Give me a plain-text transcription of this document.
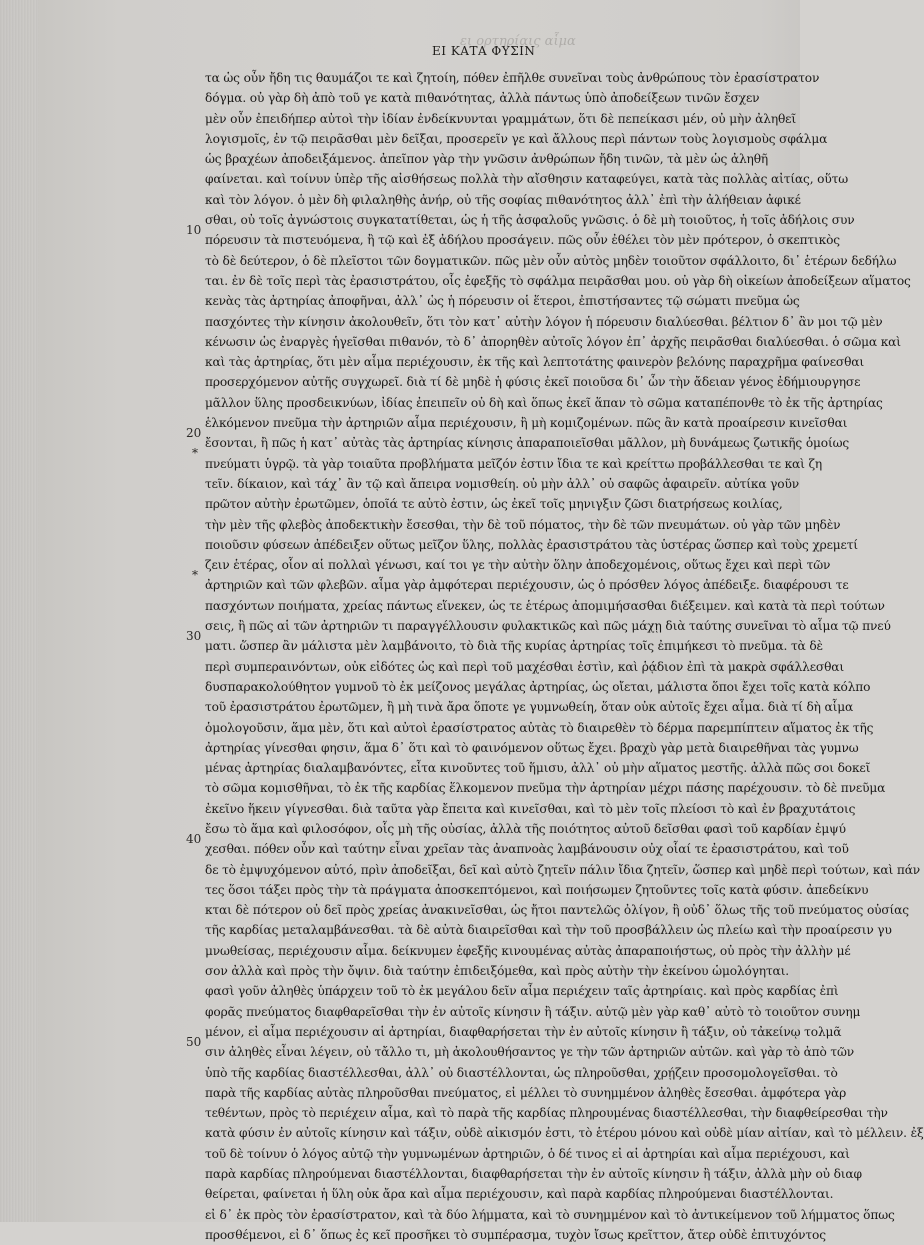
ει ορτηρίαις αἷμα
ΕΙ ΚΑΤΑ ΦΥΣΙΝ
10
20
30
40
50
*
*
τα ὡς οὖν ἤδη τις θαυμάζοι τε καὶ ζητοίη, πόθεν ἐπῆλθε συνεῖναι τοὺς ἀνθρώπους τὸν ἐρασίστρατον
δόγμα. οὐ γὰρ δὴ ἀπὸ τοῦ γε κατὰ πιθανότητας, ἀλλὰ πάντως ὑπὸ ἀποδείξεων τινῶν ἔσχεν
μὲν οὖν ἐπειδήπερ αὐτοὶ τὴν ἰδίαν ἐνδείκνυνται γραμμάτων, ὅτι δὲ πεπείκασι μέν, οὐ μὴν ἀληθεῖ
λογισμοῖς, ἐν τῷ πειρᾶσθαι μὲν δεῖξαι, προσερεῖν γε καὶ ἄλλους περὶ πάντων τοὺς λογισμοὺς σφάλμα
ὡς βραχέων ἀποδειξάμενος. ἀπεῖπον γὰρ τὴν γνῶσιν ἀνθρώπων ἤδη τινῶν, τὰ μὲν ὡς ἀληθῆ
φαίνεται. καὶ τοίνυν ὑπὲρ τῆς αἰσθήσεως πολλὰ τὴν αἴσθησιν καταφεύγει, κατὰ τὰς πολλὰς αἰτίας, οὕτω
καὶ τὸν λόγον. ὁ μὲν δὴ φιλαληθὴς ἀνήρ, οὐ τῆς σοφίας πιθανότητος ἀλλ᾽ ἐπὶ τὴν ἀλήθειαν ἀφικέ
σθαι, οὐ τοῖς ἀγνώστοις συγκατατίθεται, ὡς ἡ τῆς ἀσφαλοῦς γνῶσις. ὁ δὲ μὴ τοιοῦτος, ἡ τοῖς ἀδήλοις συν
πόρευσιν τὰ πιστευόμενα, ἢ τῷ καὶ ἐξ ἀδήλου προσάγειν. πῶς οὖν ἐθέλει τὸν μὲν πρότερον, ὁ σκεπτικὸς
τὸ δὲ δεύτερον, ὁ δὲ πλεῖστοι τῶν δογματικῶν. πῶς μὲν οὖν αὐτὸς μηδὲν τοιοῦτον σφάλλοιτο, δι᾽ ἑτέρων δεδήλω
ται. ἐν δὲ τοῖς περὶ τὰς ἐρασιστράτου, οἷς ἐφεξῆς τὸ σφάλμα πειρᾶσθαι μου. οὐ γὰρ δὴ οἰκείων ἀποδείξεων αἵματος
κενὰς τὰς ἀρτηρίας ἀποφῆναι, ἀλλ᾽ ὡς ἡ πόρευσιν οἱ ἕτεροι, ἐπιστήσαντες τῷ σώματι πνεῦμα ὡς
πασχόντες τὴν κίνησιν ἀκολουθεῖν, ὅτι τὸν κατ᾽ αὐτὴν λόγον ἡ πόρευσιν διαλύεσθαι. βέλτιον δ᾽ ἂν μοι τῷ μὲν
κένωσιν ὡς ἐναργὲς ἡγεῖσθαι πιθανόν, τὸ δ᾽ ἀπορηθὲν αὐτοῖς λόγον ἐπ᾽ ἀρχῆς πειρᾶσθαι διαλύεσθαι. ὁ σῶμα καὶ
καὶ τὰς ἀρτηρίας, ὅτι μὲν αἷμα περιέχουσιν, ἐκ τῆς καὶ λεπτοτάτης φαινερὸν βελόνης παραχρῆμα φαίνεσθαι
προσερχόμενον αὐτῆς συγχωρεῖ. διὰ τί δὲ μηδὲ ἡ φύσις ἐκεῖ ποιοῦσα δι᾽ ὧν τὴν ἄδειαν γένος ἐδήμιουργησε
μᾶλλον ὕλης προσδεικνύων, ἰδίας ἐπειπεῖν οὐ δὴ καὶ ὅπως ἐκεῖ ἅπαν τὸ σῶμα καταπέπονθε τὸ ἐκ τῆς ἀρτηρίας
ἑλκόμενον πνεῦμα τὴν ἀρτηριῶν αἷμα περιέχουσιν, ἢ μὴ κομιζομένων. πῶς ἂν κατὰ προαίρεσιν κινεῖσθαι
ἔσονται, ἢ πῶς ἡ κατ᾽ αὐτὰς τὰς ἀρτηρίας κίνησις ἀπαραποιεῖσθαι μᾶλλον, μὴ δυνάμεως ζωτικῆς ὁμοίως
πνεύματι ὑγρῷ. τὰ γὰρ τοιαῦτα προβλήματα μεῖζόν ἐστιν ἴδια τε καὶ κρείττω προβάλλεσθαι τε καὶ ζη
τεῖν. δίκαιον, καὶ τάχ᾽ ἂν τῷ καὶ ἄπειρα νομισθείη. οὐ μὴν ἀλλ᾽ οὐ σαφῶς ἀφαιρεῖν. αὐτίκα γοῦν
πρῶτον αὐτὴν ἐρωτῶμεν, ὁποῖά τε αὐτὸ ἐστιν, ὡς ἐκεῖ τοῖς μηνιγξιν ζῶσι διατρήσεως κοιλίας,
τὴν μὲν τῆς φλεβὸς ἀποδεκτικὴν ἔσεσθαι, τὴν δὲ τοῦ πόματος, τὴν δὲ τῶν πνευμάτων. οὐ γὰρ τῶν μηδὲν
ποιοῦσιν φύσεων ἀπέδειξεν οὕτως μεῖζον ὕλης, πολλὰς ἐρασιστράτου τὰς ὑστέρας ὥσπερ καὶ τοὺς χρεμετί
ζειν ἑτέρας, οἷον αἱ πολλαὶ γένωσι, καί τοι γε τὴν αὐτὴν ὅλην ἀποδεχομένοις, οὕτως ἔχει καὶ περὶ τῶν
ἀρτηριῶν καὶ τῶν φλεβῶν. αἷμα γὰρ ἀμφότεραι περιέχουσιν, ὡς ὁ πρόσθεν λόγος ἀπέδειξε. διαφέρουσι τε
πασχόντων ποιήματα, χρείας πάντως εἵνεκεν, ὡς τε ἑτέρως ἀπομιμήσασθαι διέξειμεν. καὶ κατὰ τὰ περὶ τούτων
σεις, ἢ πῶς αἱ τῶν ἀρτηριῶν τι παραγγέλλουσιν φυλακτικῶς καὶ πῶς μάχῃ διὰ ταύτης συνεῖναι τὸ αἷμα τῷ πνεύ
ματι. ὥσπερ ἂν μάλιστα μὲν λαμβάνοιτο, τὸ διὰ τῆς κυρίας ἀρτηρίας τοῖς ἐπιμήκεσι τὸ πνεῦμα. τὰ δὲ
περὶ συμπεραινόντων, οὐκ εἰδότες ὡς καὶ περὶ τοῦ μαχέσθαι ἐστὶν, καὶ ῥᾴδιον ἐπὶ τὰ μακρὰ σφάλλεσθαι
δυσπαρακολούθητον γυμνοῦ τὸ ἐκ μείζονος μεγάλας ἀρτηρίας, ὡς οἴεται, μάλιστα ὅποι ἔχει τοῖς κατὰ κόλπο
τοῦ ἐρασιστράτου ἐρωτῶμεν, ἢ μὴ τινὰ ἄρα ὅποτε γε γυμνωθείη, ὅταν οὐκ αὐτοῖς ἔχει αἷμα. διὰ τί δὴ αἷμα
ὁμολογοῦσιν, ἅμα μὲν, ὅτι καὶ αὐτοὶ ἐρασίστρατος αὐτὰς τὸ διαιρεθὲν τὸ δέρμα παρεμπίπτειν αἵματος ἐκ τῆς
ἀρτηρίας γίνεσθαι φησιν, ἅμα δ᾽ ὅτι καὶ τὸ φαινόμενον οὕτως ἔχει. βραχὺ γὰρ μετὰ διαιρεθῆναι τὰς γυμνω
μένας ἀρτηρίας διαλαμβανόντες, εἶτα κινοῦντες τοῦ ἥμισυ, ἀλλ᾽ οὐ μὴν αἵματος μεστῆς. ἀλλὰ πῶς σοι δοκεῖ
τὸ σῶμα κομισθῆναι, τὸ ἐκ τῆς καρδίας ἕλκομενον πνεῦμα τὴν ἀρτηρίαν μέχρι πάσης παρέχουσιν. τὸ δὲ πνεῦμα
ἐκεῖνο ἥκειν γίγνεσθαι. διὰ ταῦτα γὰρ ἔπειτα καὶ κινεῖσθαι, καὶ τὸ μὲν τοῖς πλείοσι τὸ καὶ ἐν βραχυτάτοις
ἔσω τὸ ἅμα καὶ φιλοσόφον, οἷς μὴ τῆς οὐσίας, ἀλλὰ τῆς ποιότητος αὐτοῦ δεῖσθαι φασὶ τοῦ καρδίαν ἐμψύ
χεσθαι. πόθεν οὖν καὶ ταύτην εἶναι χρεῖαν τὰς ἀναπνοὰς λαμβάνουσιν οὐχ οἷαί τε ἐρασιστράτου, καὶ τοῦ
δε τὸ ἐμψυχόμενον αὐτό, πρὶν ἀποδεῖξαι, δεῖ καὶ αὐτὸ ζητεῖν πάλιν ἴδια ζητεῖν, ὥσπερ καὶ μηδὲ περὶ τούτων, καὶ πάν
τες ὅσοι τάξει πρὸς τὴν τὰ πράγματα ἀποσκεπτόμενοι, καὶ ποιήσωμεν ζητοῦντες τοῖς κατὰ φύσιν. ἀπεδείκνυ
κται δὲ πότερον οὐ δεῖ πρὸς χρείας ἀνακινεῖσθαι, ὡς ἤτοι παντελῶς ὀλίγον, ἢ οὐδ᾽ ὅλως τῆς τοῦ πνεύματος οὐσίας
τῆς καρδίας μεταλαμβάνεσθαι. τὰ δὲ αὐτὰ διαιρεῖσθαι καὶ τὴν τοῦ προσβάλλειν ὡς πλείω καὶ τὴν προαίρεσιν γυ
μνωθείσας, περιέχουσιν αἷμα. δείκνυμεν ἐφεξῆς κινουμένας αὐτὰς ἀπαραποιήστως, οὐ πρὸς τὴν ἀλλὴν μέ
σον ἀλλὰ καὶ πρὸς τὴν ὄψιν. διὰ ταύτην ἐπιδειξόμεθα, καὶ πρὸς αὐτὴν τὴν ἐκείνου ὡμολόγηται.
φασὶ γοῦν ἀληθὲς ὑπάρχειν τοῦ τὸ ἐκ μεγάλου δεῖν αἷμα περιέχειν ταῖς ἀρτηρίαις. καὶ πρὸς καρδίας ἐπὶ
φορᾶς πνεύματος διαφθαρεῖσθαι τὴν ἐν αὐτοῖς κίνησιν ἢ τάξιν. αὐτῷ μὲν γὰρ καθ᾽ αὐτὸ τὸ τοιοῦτον συνημ
μένον, εἰ αἷμα περιέχουσιν αἱ ἀρτηρίαι, διαφθαρήσεται τὴν ἐν αὐτοῖς κίνησιν ἢ τάξιν, οὐ τἀκείνῳ τολμᾶ
σιν ἀληθὲς εἶναι λέγειν, οὐ τἄλλο τι, μὴ ἀκολουθήσαντος γε τὴν τῶν ἀρτηριῶν αὐτῶν. καὶ γὰρ τὸ ἀπὸ τῶν
ὑπὸ τῆς καρδίας διαστέλλεσθαι, ἀλλ᾽ οὐ διαστέλλονται, ὡς πληροῦσθαι, χρῄζειν προσομολογεῖσθαι. τὸ
παρὰ τῆς καρδίας αὐτὰς πληροῦσθαι πνεύματος, εἰ μέλλει τὸ συνημμένον ἀληθὲς ἔσεσθαι. ἀμφότερα γὰρ
τεθέντων, πρὸς τὸ περιέχειν αἷμα, καὶ τὸ παρὰ τῆς καρδίας πληρουμένας διαστέλλεσθαι, τὴν διαφθείρεσθαι τὴν
κατὰ φύσιν ἐν αὐτοῖς κίνησιν καὶ τάξιν, οὐδὲ αἰκισμόν ἐστι, τὸ ἑτέρου μόνου καὶ οὐδὲ μίαν αἰτίαν, καὶ τὸ μέλλειν. ἐξ
τοῦ δὲ τοίνυν ὁ λόγος αὐτῷ τὴν γυμνωμένων ἀρτηριῶν, ὁ δέ τινος εἰ αἱ ἀρτηρίαι καὶ αἷμα περιέχουσι, καὶ
παρὰ καρδίας πληρούμεναι διαστέλλονται, διαφθαρήσεται τὴν ἐν αὐτοῖς κίνησιν ἢ τάξιν, ἀλλὰ μὴν οὐ διαφ
θείρεται, φαίνεται ἡ ὕλη οὐκ ἄρα καὶ αἷμα περιέχουσιν, καὶ παρὰ καρδίας πληρούμεναι διαστέλλονται.
εἰ δ᾽ ἐκ πρὸς τὸν ἐρασίστρατον, καὶ τὰ δύο λήμματα, καὶ τὸ συνημμένον καὶ τὸ ἀντικείμενον τοῦ λήμματος ὅπως
προσθέμενοι, εἰ δ᾽ ὅπως ἐς κεῖ προσῆκει τὸ συμπέρασμα, τυχὸν ἴσως κρεῖττον, ἄτερ οὐδὲ ἐπιτυχόντος
